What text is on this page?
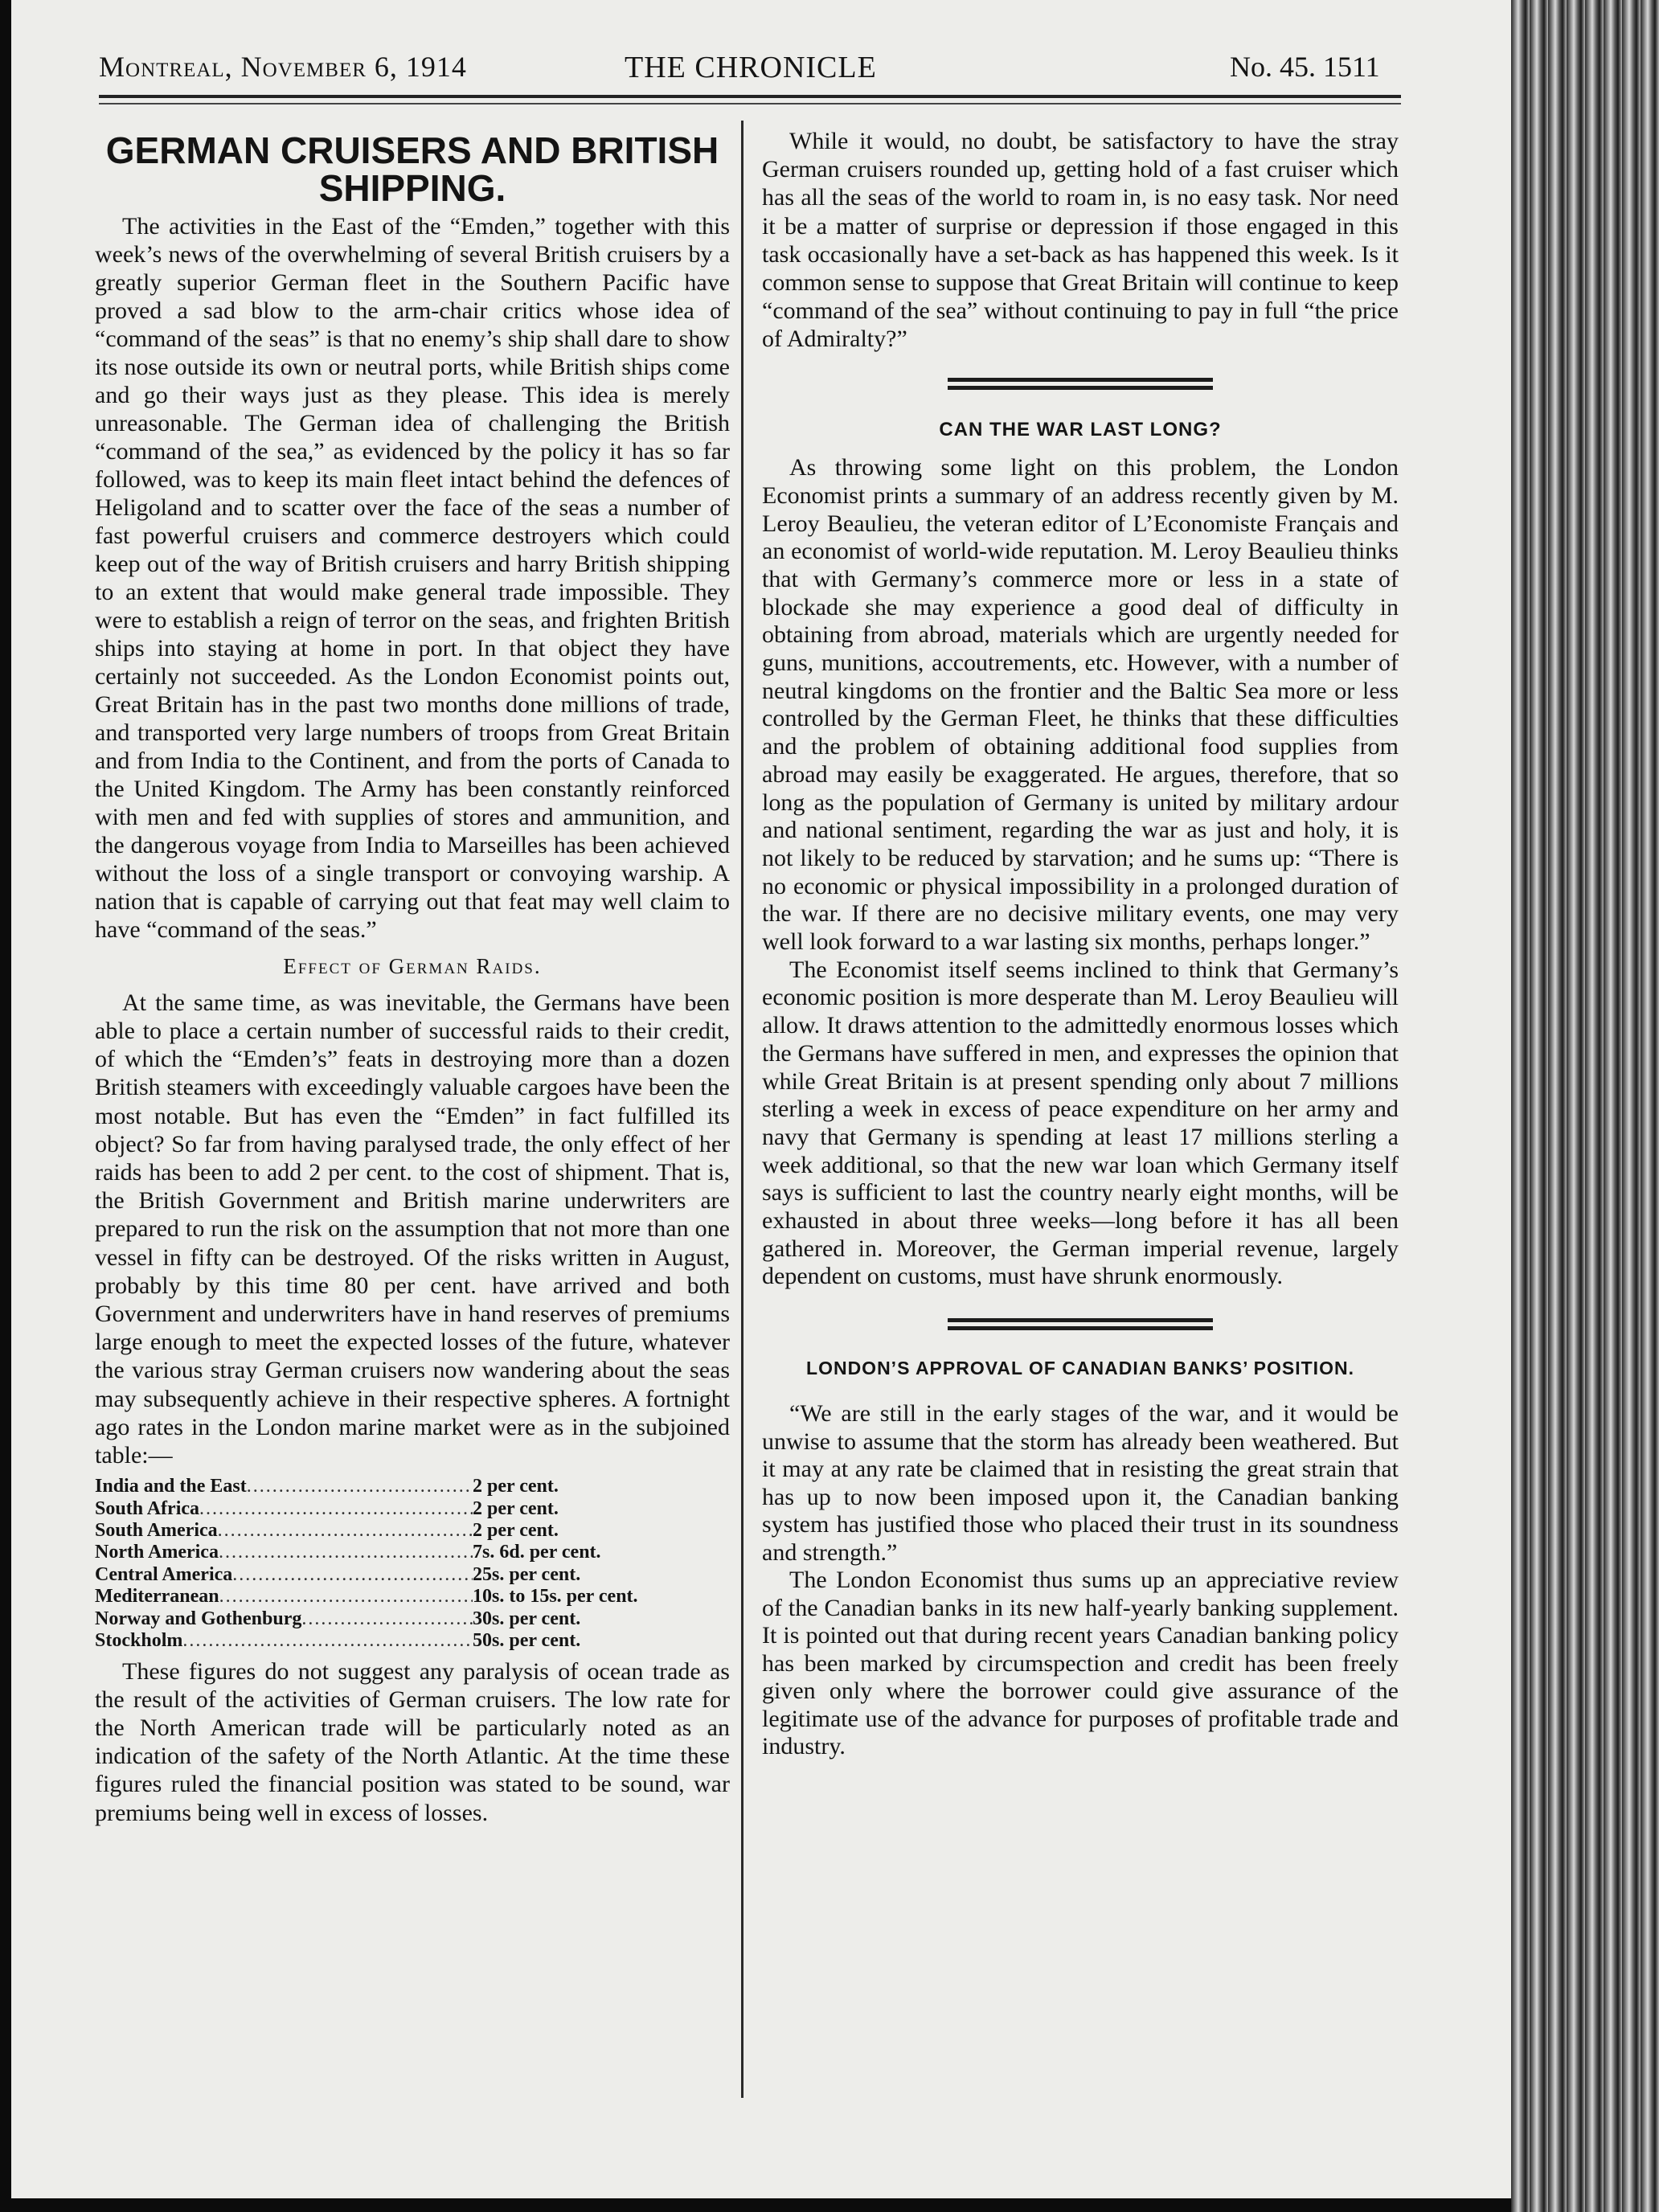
Montreal, November 6, 1914	THE CHRONICLE	No. 45. 1511
GERMAN CRUISERS AND BRITISH SHIPPING.

The activities in the East of the “Emden,” together with this week’s news of the overwhelming of several British cruisers by a greatly superior German fleet in the Southern Pacific have proved a sad blow to the arm-chair critics whose idea of “command of the seas” is that no enemy’s ship shall dare to show its nose outside its own or neutral ports, while British ships come and go their ways just as they please. This idea is merely unreasonable. The German idea of challenging the British “command of the sea,” as evidenced by the policy it has so far followed, was to keep its main fleet intact behind the defences of Heligoland and to scatter over the face of the seas a number of fast powerful cruisers and commerce destroyers which could keep out of the way of British cruisers and harry British shipping to an extent that would make general trade impossible. They were to establish a reign of terror on the seas, and frighten British ships into staying at home in port. In that object they have certainly not succeeded. As the London Economist points out, Great Britain has in the past two months done millions of trade, and transported very large numbers of troops from Great Britain and from India to the Continent, and from the ports of Canada to the United Kingdom. The Army has been constantly reinforced with men and fed with supplies of stores and ammunition, and the dangerous voyage from India to Marseilles has been achieved without the loss of a single transport or convoying warship. A nation that is capable of carrying out that feat may well claim to have “command of the seas.”

Effect of German Raids.

At the same time, as was inevitable, the Germans have been able to place a certain number of successful raids to their credit, of which the “Emden’s” feats in destroying more than a dozen British steamers with exceedingly valuable cargoes have been the most notable. But has even the “Emden” in fact fulfilled its object? So far from having paralysed trade, the only effect of her raids has been to add 2 per cent. to the cost of shipment. That is, the British Government and British marine underwriters are prepared to run the risk on the assumption that not more than one vessel in fifty can be destroyed. Of the risks written in August, probably by this time 80 per cent. have arrived and both Government and underwriters have in hand reserves of premiums large enough to meet the expected losses of the future, whatever the various stray German cruisers now wandering about the seas may subsequently achieve in their respective spheres. A fortnight ago rates in the London marine market were as in the subjoined table:—

India and the East .....	2 per cent.
South Africa .....	2 per cent.
South America .....	2 per cent.
North America .....	7s. 6d. per cent.
Central America .....	25s. per cent.
Mediterranean .....	10s. to 15s. per cent.
Norway and Gothenburg .....	30s. per cent.
Stockholm .....	50s. per cent.

These figures do not suggest any paralysis of ocean trade as the result of the activities of German cruisers. The low rate for the North American trade will be particularly noted as an indication of the safety of the North Atlantic. At the time these figures ruled the financial position was stated to be sound, war premiums being well in excess of losses.

While it would, no doubt, be satisfactory to have the stray German cruisers rounded up, getting hold of a fast cruiser which has all the seas of the world to roam in, is no easy task. Nor need it be a matter of surprise or depression if those engaged in this task occasionally have a set-back as has happened this week. Is it common sense to suppose that Great Britain will continue to keep “command of the sea” without continuing to pay in full “the price of Admiralty?”

CAN THE WAR LAST LONG?

As throwing some light on this problem, the London Economist prints a summary of an address recently given by M. Leroy Beaulieu, the veteran editor of L’Economiste Français and an economist of world-wide reputation. M. Leroy Beaulieu thinks that with Germany’s commerce more or less in a state of blockade she may experience a good deal of difficulty in obtaining from abroad, materials which are urgently needed for guns, munitions, accoutrements, etc. However, with a number of neutral kingdoms on the frontier and the Baltic Sea more or less controlled by the German Fleet, he thinks that these difficulties and the problem of obtaining additional food supplies from abroad may easily be exaggerated. He argues, therefore, that so long as the population of Germany is united by military ardour and national sentiment, regarding the war as just and holy, it is not likely to be reduced by starvation; and he sums up: “There is no economic or physical impossibility in a prolonged duration of the war. If there are no decisive military events, one may very well look forward to a war lasting six months, perhaps longer.”

The Economist itself seems inclined to think that Germany’s economic position is more desperate than M. Leroy Beaulieu will allow. It draws attention to the admittedly enormous losses which the Germans have suffered in men, and expresses the opinion that while Great Britain is at present spending only about 7 millions sterling a week in excess of peace expenditure on her army and navy that Germany is spending at least 17 millions sterling a week additional, so that the new war loan which Germany itself says is sufficient to last the country nearly eight months, will be exhausted in about three weeks—long before it has all been gathered in. Moreover, the German imperial revenue, largely dependent on customs, must have shrunk enormously.

LONDON’S APPROVAL OF CANADIAN BANKS’ POSITION.

“We are still in the early stages of the war, and it would be unwise to assume that the storm has already been weathered. But it may at any rate be claimed that in resisting the great strain that has up to now been imposed upon it, the Canadian banking system has justified those who placed their trust in its soundness and strength.”

The London Economist thus sums up an appreciative review of the Canadian banks in its new half-yearly banking supplement. It is pointed out that during recent years Canadian banking policy has been marked by circumspection and credit has been freely given only where the borrower could give assurance of the legitimate use of the advance for purposes of profitable trade and industry.
